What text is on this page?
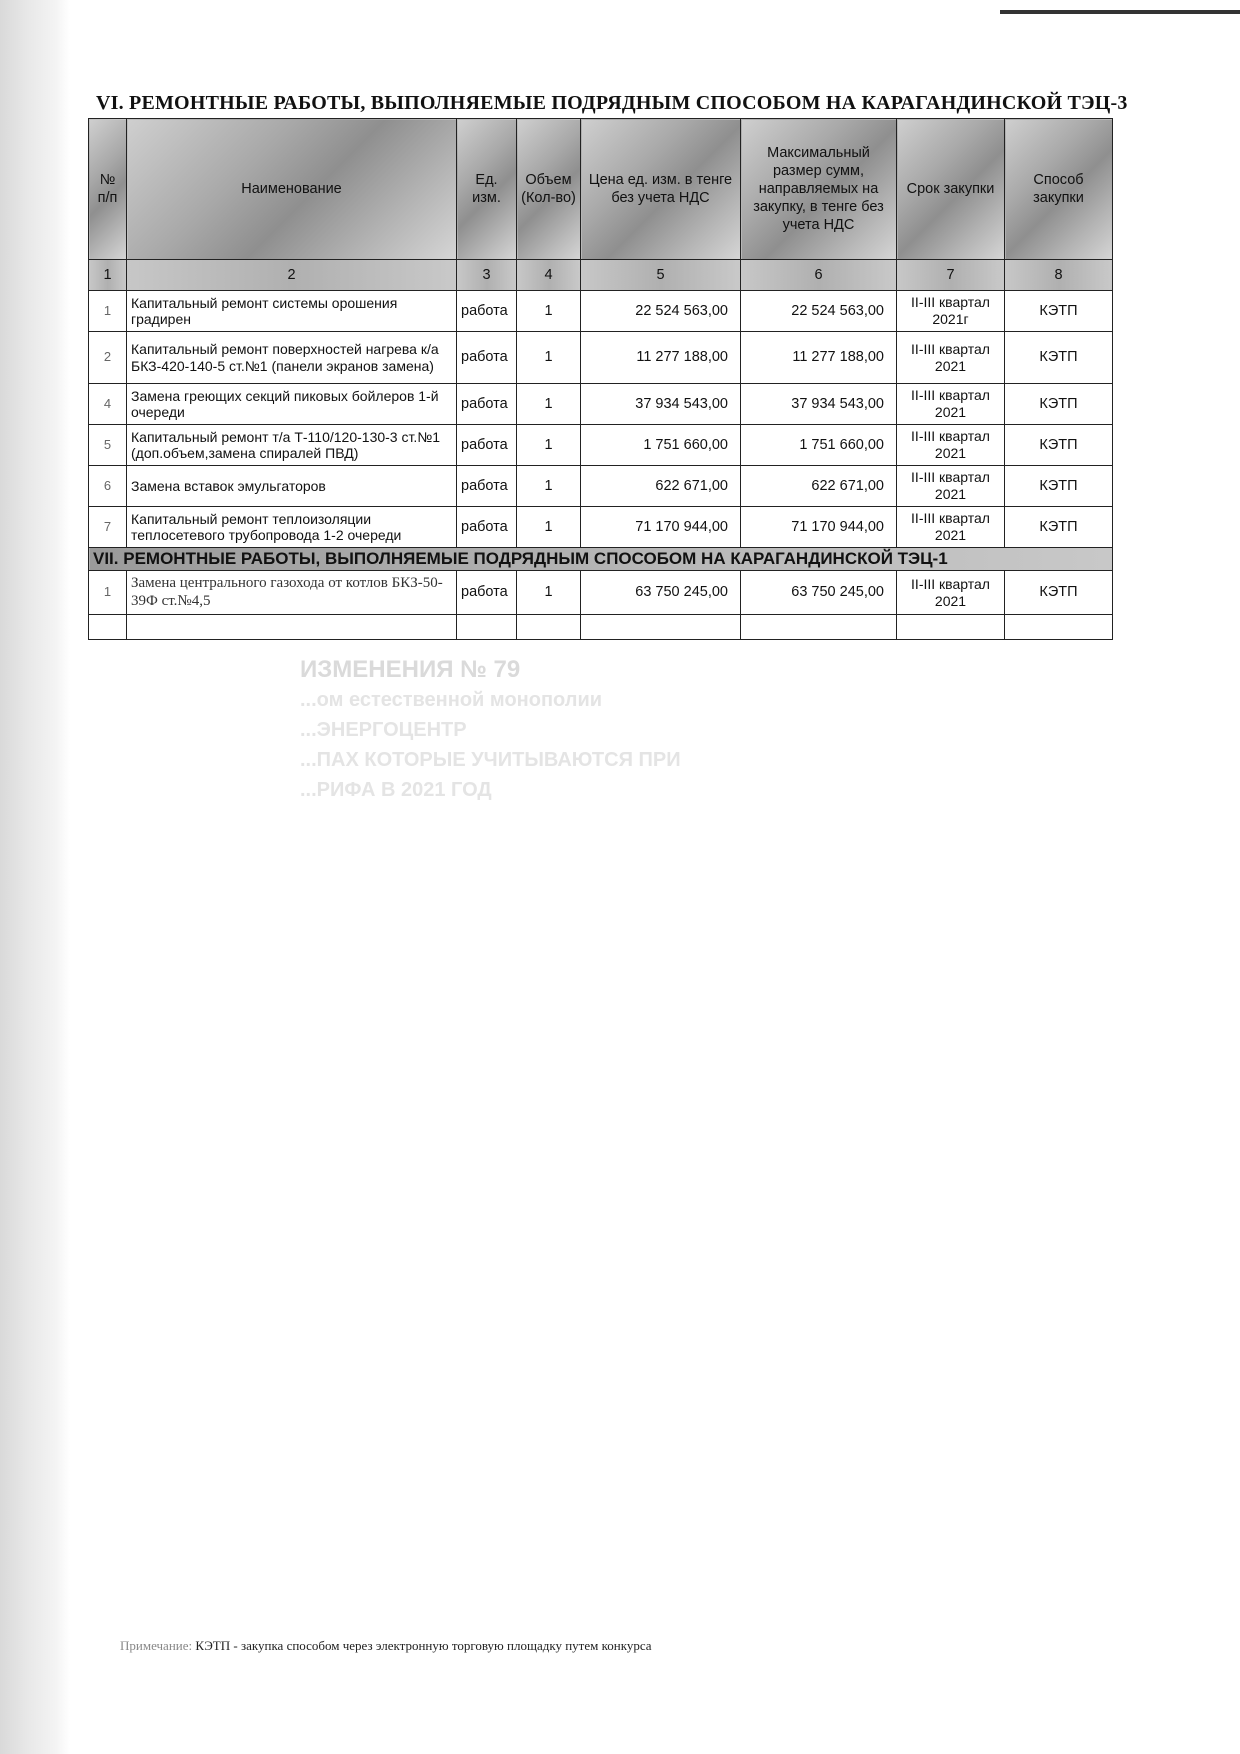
ИЗМЕНЕНИЯ № 79
...ом естественной монополии
...ЭНЕРГОЦЕНТР
...ПАХ КОТОРЫЕ УЧИТЫВАЮТСЯ ПРИ
...РИФА В 2021 ГОД
VI. РЕМОНТНЫЕ РАБОТЫ, ВЫПОЛНЯЕМЫЕ ПОДРЯДНЫМ СПОСОБОМ НА КАРАГАНДИНСКОЙ ТЭЦ-3
№ п/п	Наименование	Ед. изм.	Объем (Кол-во)	Цена ед. изм. в тенге без учета НДС	Максимальный размер сумм, направляемых на закупку, в тенге без учета НДС	Срок закупки	Способ закупки
1	2	3	4	5	6	7	8
1	Капитальный ремонт системы орошения градирен	работа	1	22 524 563,00	22 524 563,00	II-III квартал 2021г	КЭТП
2	Капитальный ремонт поверхностей нагрева к/а БКЗ-420-140-5 ст.№1 (панели экранов замена)	работа	1	11 277 188,00	11 277 188,00	II-III квартал 2021	КЭТП
4	Замена греющих секций пиковых бойлеров 1-й очереди	работа	1	37 934 543,00	37 934 543,00	II-III квартал 2021	КЭТП
5	Капитальный ремонт т/а Т-110/120-130-3 ст.№1 (доп.объем,замена спиралей ПВД)	работа	1	1 751 660,00	1 751 660,00	II-III квартал 2021	КЭТП
6	Замена вставок эмульгаторов	работа	1	622 671,00	622 671,00	II-III квартал 2021	КЭТП
7	Капитальный ремонт теплоизоляции теплосетевого трубопровода 1-2 очереди	работа	1	71 170 944,00	71 170 944,00	II-III квартал 2021	КЭТП
VII. РЕМОНТНЫЕ РАБОТЫ, ВЫПОЛНЯЕМЫЕ ПОДРЯДНЫМ СПОСОБОМ НА КАРАГАНДИНСКОЙ ТЭЦ-1							
1	Замена центрального газохода от котлов БКЗ-50-39Ф ст.№4,5	работа	1	63 750 245,00	63 750 245,00	II-III квартал 2021	КЭТП

Примечание: КЭТП - закупка способом через электронную торговую площадку путем конкурса
